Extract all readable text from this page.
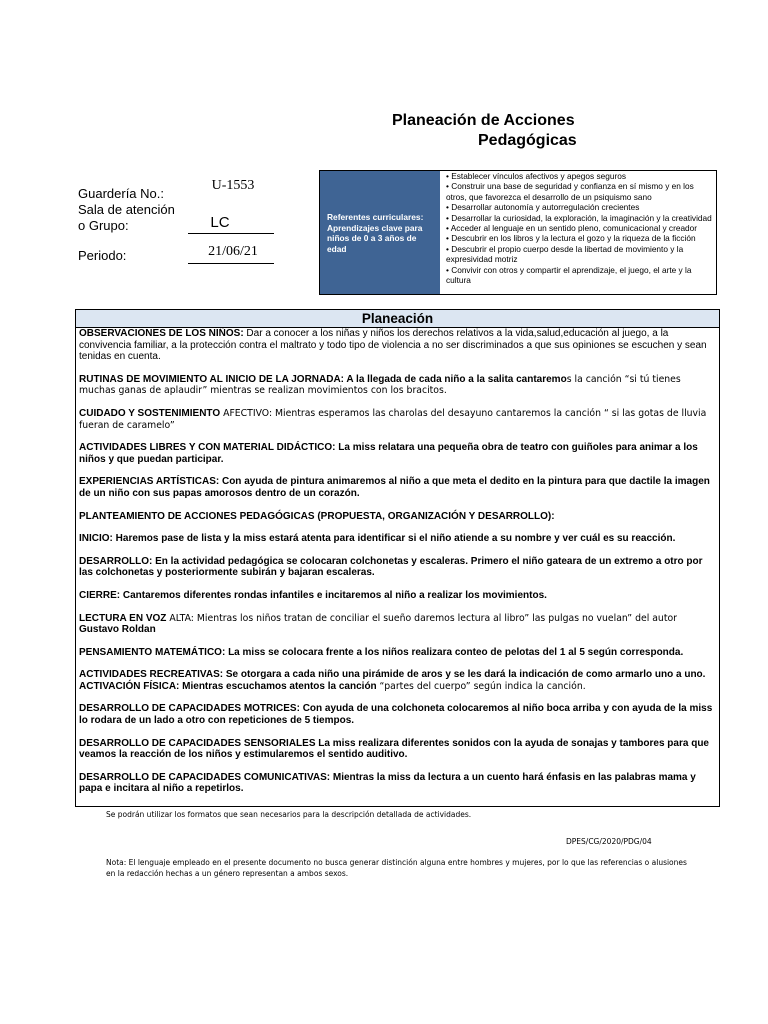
Planeación de Acciones
Pedagógicas
Guardería No.:
U-1553
Sala de atención
o Grupo:	LC
Periodo:	21/06/21
Referentes curriculares: Aprendizajes clave para niños de 0 a 3 años de edad
• Establecer vínculos afectivos y apegos seguros
• Construir una base de seguridad y confianza en sí mismo y en los otros, que favorezca el desarrollo de un psiquismo sano
• Desarrollar autonomía y autorregulación crecientes
• Desarrollar la curiosidad, la exploración, la imaginación y la creatividad
• Acceder al lenguaje en un sentido pleno, comunicacional y creador
• Descubrir en los libros y la lectura el gozo y la riqueza de la ficción
• Descubrir el propio cuerpo desde la libertad de movimiento y la expresividad motriz
• Convivir con otros y compartir el aprendizaje, el juego, el arte y la cultura
Planeación

OBSERVACIONES DE LOS NIÑOS: Dar a conocer a los niñas y niños los derechos relativos a la vida,salud,educación al juego, a la convivencia familiar, a la protección contra el maltrato y todo tipo de violencia a no ser discriminados a que sus opiniones se escuchen y sean tenidas en cuenta.

RUTINAS DE MOVIMIENTO AL INICIO DE LA JORNADA: A la llegada de cada niño a la salita cantaremos la canción “si tú tienes muchas ganas de aplaudir” mientras se realizan movimientos con los bracitos.

CUIDADO Y SOSTENIMIENTO AFECTIVO: Mientras esperamos las charolas del desayuno cantaremos la canción “ si las gotas de lluvia fueran de caramelo”

ACTIVIDADES LIBRES Y CON MATERIAL DIDÁCTICO: La miss relatara una pequeña obra de teatro con guiñoles para animar a los niños y que puedan participar.

EXPERIENCIAS ARTÍSTICAS: Con ayuda de pintura animaremos al niño a que meta el dedito en la pintura para que dactile la imagen de un niño con sus papas amorosos dentro de un corazón.

PLANTEAMIENTO DE ACCIONES PEDAGÓGICAS (PROPUESTA, ORGANIZACIÓN Y DESARROLLO):

INICIO: Haremos pase de lista y la miss estará atenta para identificar si el niño atiende a su nombre y ver cuál es su reacción.

DESARROLLO: En la actividad pedagógica se colocaran colchonetas y escaleras. Primero el niño gateara de un extremo a otro por las colchonetas y posteriormente subirán y bajaran escaleras.

CIERRE: Cantaremos diferentes rondas infantiles e incitaremos al niño a realizar los movimientos.

LECTURA EN VOZ ALTA: Mientras los niños tratan de conciliar el sueño daremos lectura al libro” las pulgas no vuelan” del autor Gustavo Roldan

PENSAMIENTO MATEMÁTICO: La miss se colocara frente a los niños realizara conteo de pelotas del 1 al 5 según corresponda.

ACTIVIDADES RECREATIVAS: Se otorgara a cada niño una pirámide de aros y se les dará la indicación de como armarlo uno a uno.

ACTIVACIÓN FÍSICA: Mientras escuchamos atentos la canción “partes del cuerpo” según indica la canción.

DESARROLLO DE CAPACIDADES MOTRICES: Con ayuda de una colchoneta colocaremos al niño boca arriba y con ayuda de la miss lo rodara de un lado a otro con repeticiones de 5 tiempos.

DESARROLLO DE CAPACIDADES SENSORIALES La miss realizara diferentes sonidos con la ayuda de sonajas y tambores para que veamos la reacción de los niños y estimularemos el sentido auditivo.

DESARROLLO DE CAPACIDADES COMUNICATIVAS: Mientras la miss da lectura a un cuento hará énfasis en las palabras mama y papa e incitara al niño a repetirlos.

Se podrán utilizar los formatos que sean necesarios para la descripción detallada de actividades.
DPES/CG/2020/PDG/04
Nota: El lenguaje empleado en el presente documento no busca generar distinción alguna entre hombres y mujeres, por lo que las referencias o alusiones en la redacción hechas a un género representan a ambos sexos.
